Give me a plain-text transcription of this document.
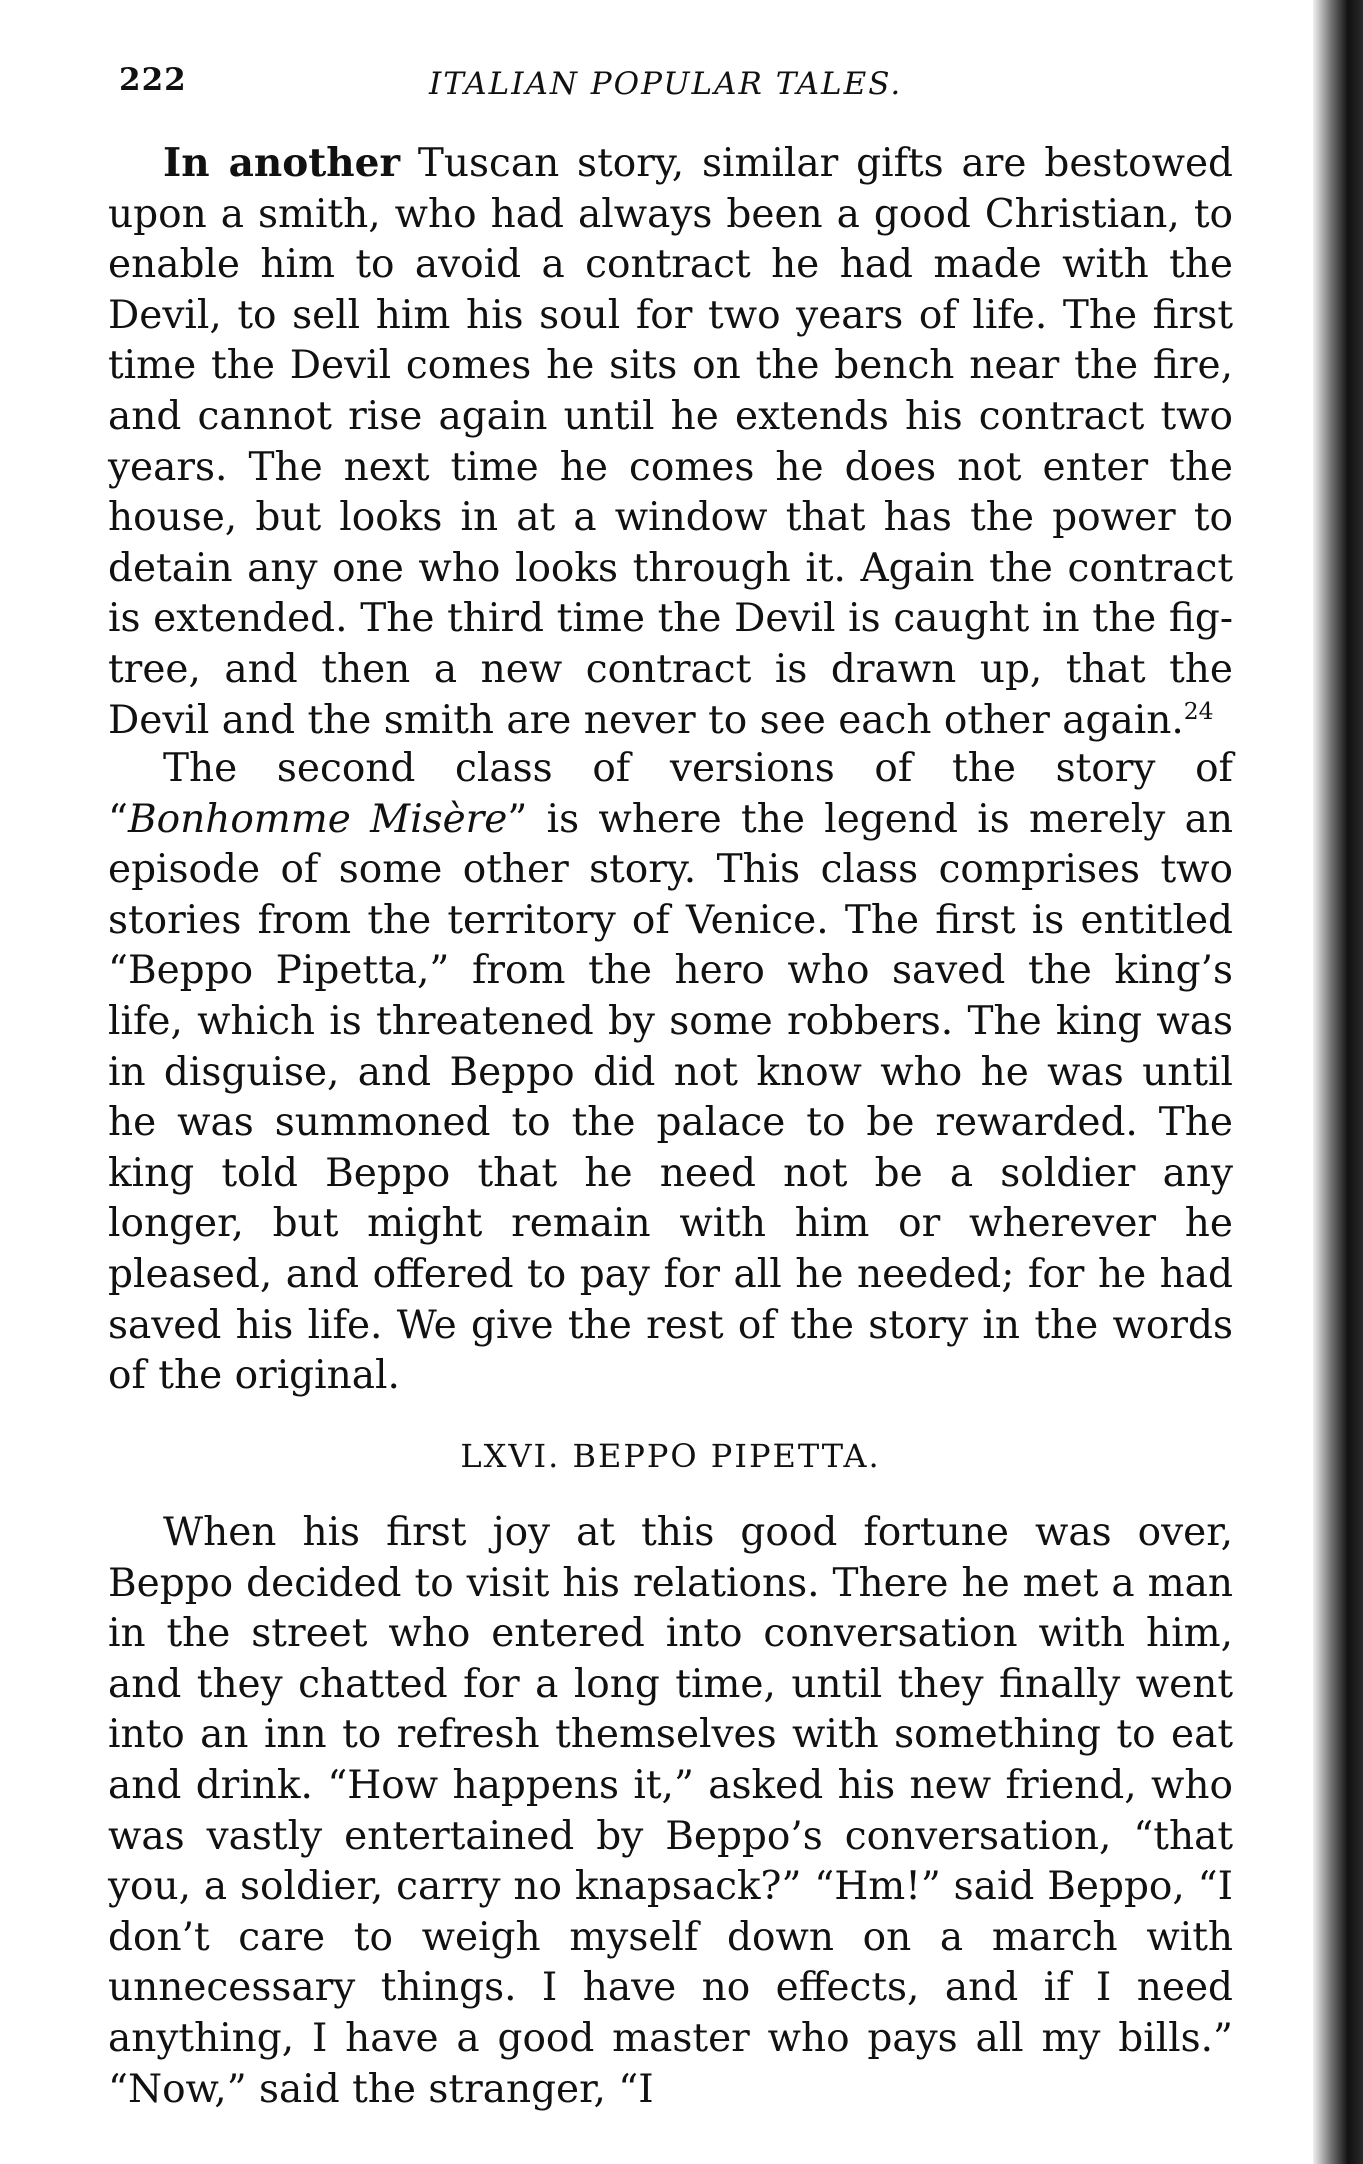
222	ITALIAN POPULAR TALES.

In another Tuscan story, similar gifts are bestowed upon a smith, who had always been a good Christian, to enable him to avoid a contract he had made with the Devil, to sell him his soul for two years of life. The first time the Devil comes he sits on the bench near the fire, and cannot rise again until he extends his contract two years. The next time he comes he does not enter the house, but looks in at a window that has the power to detain any one who looks through it. Again the contract is extended. The third time the Devil is caught in the fig-tree, and then a new contract is drawn up, that the Devil and the smith are never to see each other again.$^{24}$

The second class of versions of the story of “Bonhomme Misère” is where the legend is merely an episode of some other story. This class comprises two stories from the territory of Venice. The first is entitled “Beppo Pipetta,” from the hero who saved the king’s life, which is threatened by some robbers. The king was in disguise, and Beppo did not know who he was until he was summoned to the palace to be rewarded. The king told Beppo that he need not be a soldier any longer, but might remain with him or wherever he pleased, and offered to pay for all he needed; for he had saved his life. We give the rest of the story in the words of the original.

LXVI. BEPPO PIPETTA.

When his first joy at this good fortune was over, Beppo decided to visit his relations. There he met a man in the street who entered into conversation with him, and they chatted for a long time, until they finally went into an inn to refresh themselves with something to eat and drink. “How happens it,” asked his new friend, who was vastly entertained by Beppo’s conversation, “that you, a soldier, carry no knapsack?” “Hm!” said Beppo, “I don’t care to weigh myself down on a march with unnecessary things. I have no effects, and if I need anything, I have a good master who pays all my bills.” “Now,” said the stranger, “I
